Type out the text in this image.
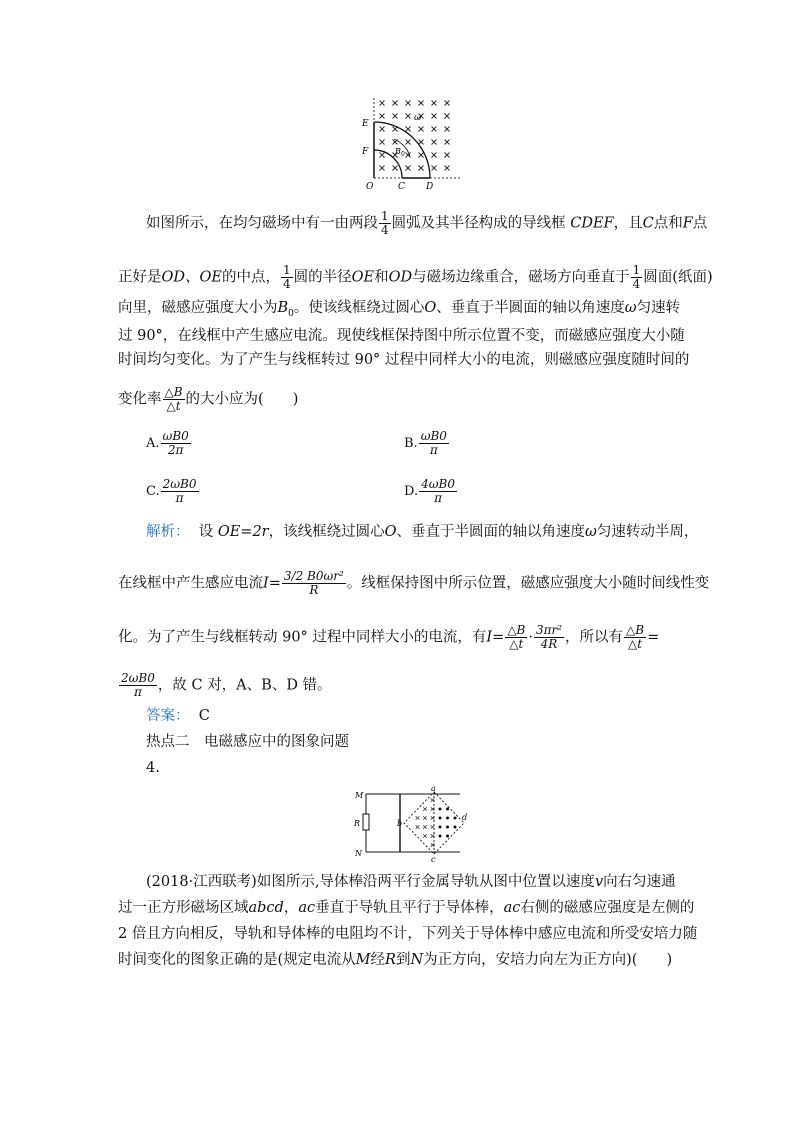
E
F
O	C D
ω
B 0
如图所示，在均匀磁场中有一由两段 $\frac{1}{4}$ 圆弧及其半径构成的导线框 CDEF，且C点和F点
正好是OD、OE的中点， $\frac{1}{4}$ 圆的半径OE和OD与磁场边缘重合，磁场方向垂直于 $\frac{1}{4}$ 圆面(纸面)
向里，磁感应强度大小为$B_0$。使该线框绕过圆心O、垂直于半圆面的轴以角速度ω匀速转
过 90°，在线框中产生感应电流。现使线框保持图中所示位置不变，而磁感应强度大小随
时间均匀变化。为了产生与线框转过 90° 过程中同样大小的电流，则磁感应强度随时间的
变化率 $\frac{\triangle B}{\triangle t}$ 的大小应为(　　)
A. $\frac{\omega B0}{2\pi}$	B. $\frac{\omega B0}{\pi}$
C. $\frac{2\omega B0}{\pi}$	D. $\frac{4\omega B0}{\pi}$
解析： 设 OE=2r，该线框绕过圆心O、垂直于半圆面的轴以角速度ω匀速转动半周，
在线框中产生感应电流$I= \frac{\text{3/2 B0ωr²}}{R}$ 。线框保持图中所示位置，磁感应强度大小随时间线性变
化。为了产生与线框转动 90° 过程中同样大小的电流，有$I= \frac{\triangle B}{\triangle t} \cdot \frac{\text{3πr²}}{4R}$ ，所以有 $\frac{\triangle B}{\triangle t}$ =
$\frac{2\omega B0}{\pi}$ ，故 C 对，A、B、D 错。
答案： C
热点二　电磁感应中的图象问题
4.
M
N
R
a
b
c
d
(2018·江西联考)如图所示,导体棒沿两平行金属导轨从图中位置以速度v向右匀速通
过一正方形磁场区域abcd，ac垂直于导轨且平行于导体棒，ac右侧的磁感应强度是左侧的
2 倍且方向相反，导轨和导体棒的电阻均不计，下列关于导体棒中感应电流和所受安培力随
时间变化的图象正确的是(规定电流从M经R到N为正方向，安培力向左为正方向)(　　)
